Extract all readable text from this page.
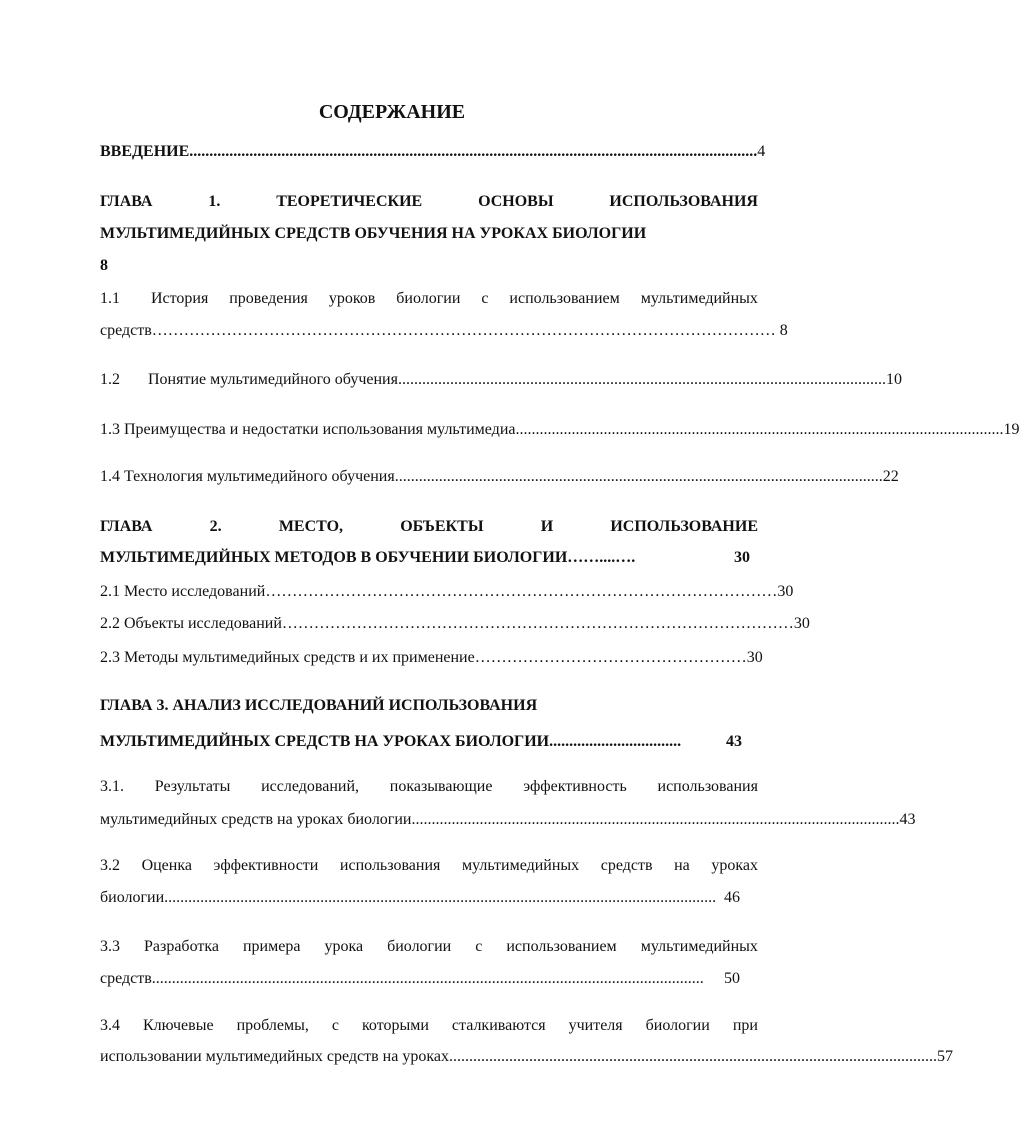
СОДЕРЖАНИЕ
ВВЕДЕНИЕ .............................................................................................................................................. 4
ГЛАВА	1.	ТЕОРЕТИЧЕСКИЕ	ОСНОВЫ	ИСПОЛЬЗОВАНИЯ
МУЛЬТИМЕДИЙНЫХ СРЕДСТВ ОБУЧЕНИЯ НА УРОКАХ БИОЛОГИИ
8
1.1 История проведения уроков биологии с использованием мультимедийных
средств ……………………………………………………………………………………………………… 8
1.2	Понятие мультимедийного обучения .......................................................................................................................... 10
1.3 Преимущества и недостатки использования мультимедиа .......................................................................................................................... 19
1.4 Технология мультимедийного обучения .......................................................................................................................... 22
ГЛАВА	2.	МЕСТО,	ОБЪЕКТЫ	И	ИСПОЛЬЗОВАНИЕ
МУЛЬТИМЕДИЙНЫХ МЕТОДОВ В ОБУЧЕНИИ БИОЛОГИИ ……....….	30
2.1 Место исследований …………………………………………………………………………………… 30
2.2 Объекты исследований …………………………………………………………………………………… 30
2.3 Методы мультимедийных средств и их применение …………………………………………… 30
ГЛАВА 3. АНАЛИЗ ИССЛЕДОВАНИЙ ИСПОЛЬЗОВАНИЯ
МУЛЬТИМЕДИЙНЫХ СРЕДСТВ НА УРОКАХ БИОЛОГИИ .................................	43
3.1. Результаты исследований, показывающие эффективность использования
мультимедийных средств на уроках биологии .......................................................................................................................... 43
3.2 Оценка эффективности использования мультимедийных средств на уроках
биологии .......................................................................................................................................... 46
3.3 Разработка примера урока биологии с использованием мультимедийных
средств ..........................................................................................................................................	50
3.4 Ключевые проблемы, с которыми сталкиваются учителя биологии при
использовании мультимедийных средств на уроках .......................................................................................................................... 57
